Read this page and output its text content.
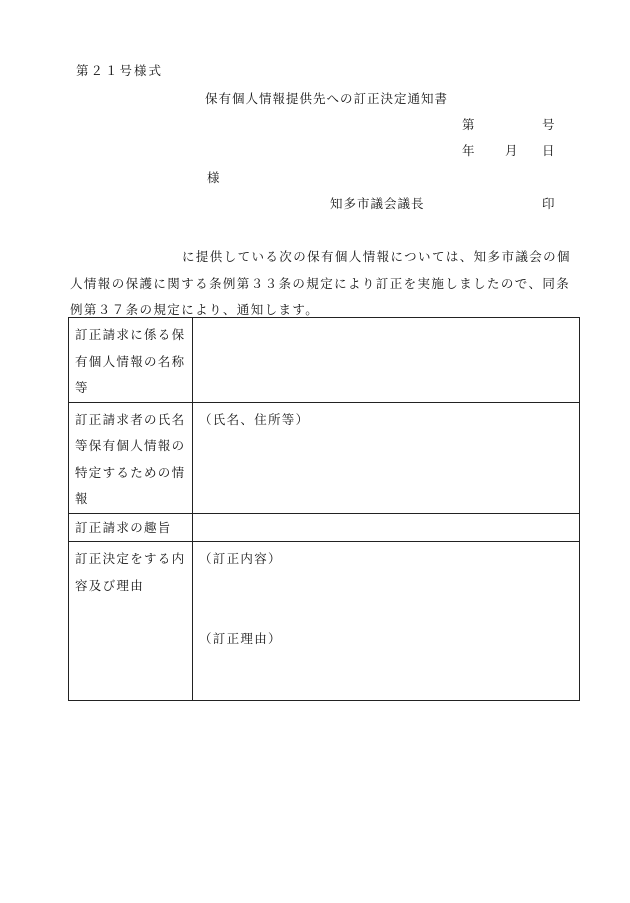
第２１号様式
保有個人情報提供先への訂正決定通知書
第	号
年 月 日
様
知多市議会議長	印
に提供している次の保有個人情報については、知多市議会の個人情報の保護に関する条例第３３条の規定により訂正を実施しましたので、同条例第３７条の規定により、通知します。
訂正請求に係る保有個人情報の名称等	
訂正請求者の氏名等保有個人情報の特定するための情報	（氏名、住所等）
訂正請求の趣旨	
訂正決定をする内容及び理由	（訂正内容）
（訂正理由）
